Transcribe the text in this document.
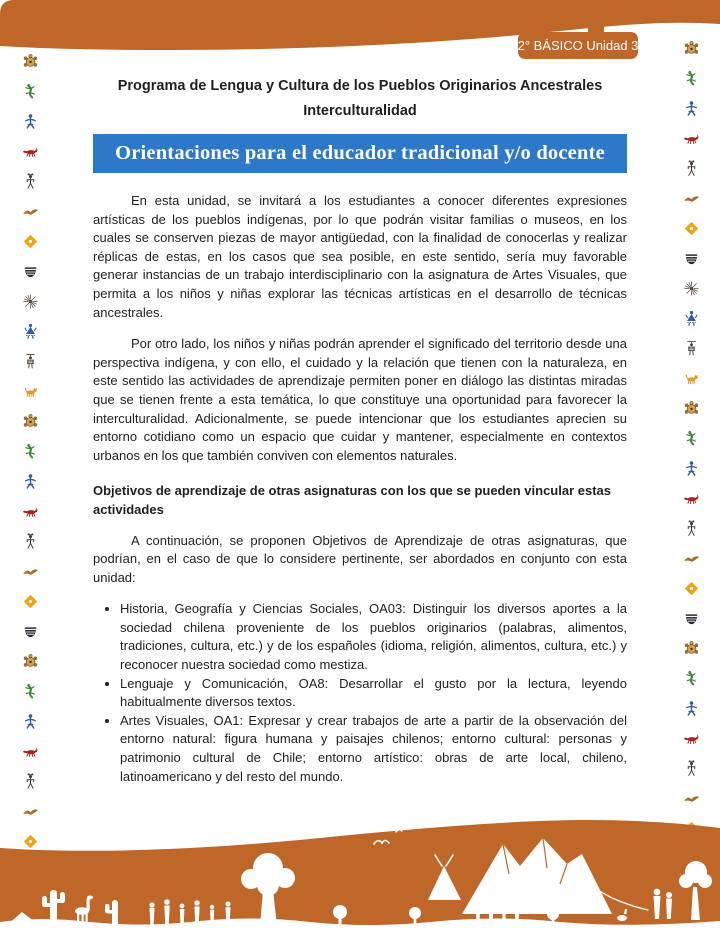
2° BÁSICO Unidad 3

Programa de Lengua y Cultura de los Pueblos Originarios Ancestrales

Interculturalidad

Orientaciones para el educador tradicional y/o docente

En esta unidad, se invitará a los estudiantes a conocer diferentes expresiones artísticas de los pueblos indígenas, por lo que podrán visitar familias o museos, en los cuales se conserven piezas de mayor antigüedad, con la finalidad de conocerlas y realizar réplicas de estas, en los casos que sea posible, en este sentido, sería muy favorable generar instancias de un trabajo interdisciplinario con la asignatura de Artes Visuales, que permita a los niños y niñas explorar las técnicas artísticas en el desarrollo de técnicas ancestrales.

Por otro lado, los niños y niñas podrán aprender el significado del territorio desde una perspectiva indígena, y con ello, el cuidado y la relación que tienen con la naturaleza, en este sentido las actividades de aprendizaje permiten poner en diálogo las distintas miradas que se tienen frente a esta temática, lo que constituye una oportunidad para favorecer la interculturalidad. Adicionalmente, se puede intencionar que los estudiantes aprecien su entorno cotidiano como un espacio que cuidar y mantener, especialmente en contextos urbanos en los que también conviven con elementos naturales.

Objetivos de aprendizaje de otras asignaturas con los que se pueden vincular estas actividades

A continuación, se proponen Objetivos de Aprendizaje de otras asignaturas, que podrían, en el caso de que lo considere pertinente, ser abordados en conjunto con esta unidad:

• Historia, Geografía y Ciencias Sociales, OA03: Distinguir los diversos aportes a la sociedad chilena proveniente de los pueblos originarios (palabras, alimentos, tradiciones, cultura, etc.) y de los españoles (idioma, religión, alimentos, cultura, etc.) y reconocer nuestra sociedad como mestiza.
• Lenguaje y Comunicación, OA8: Desarrollar el gusto por la lectura, leyendo habitualmente diversos textos.
• Artes Visuales, OA1: Expresar y crear trabajos de arte a partir de la observación del entorno natural: figura humana y paisajes chilenos; entorno cultural: personas y patrimonio cultural de Chile; entorno artístico: obras de arte local, chileno, latinoamericano y del resto del mundo.
